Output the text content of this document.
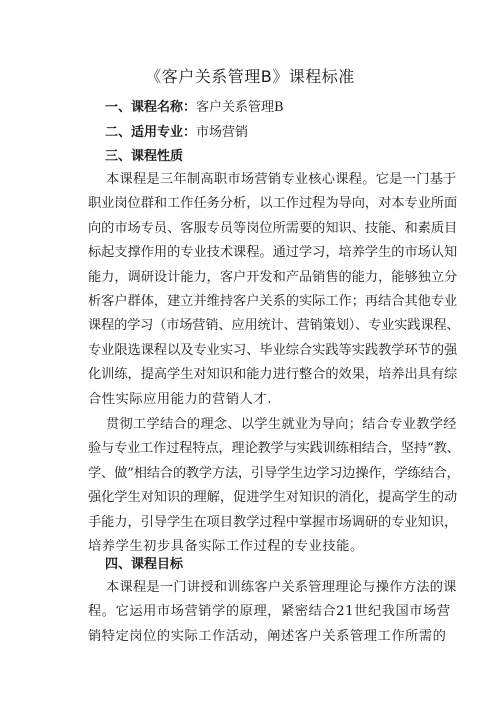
《客户关系管理B》课程标准
一、课程名称：客户关系管理B
二、适用专业：市场营销
三、课程性质
本课程是三年制高职市场营销专业核心课程。它是一门基于
职业岗位群和工作任务分析，以工作过程为导向，对本专业所面
向的市场专员、客服专员等岗位所需要的知识、技能、和素质目
标起支撑作用的专业技术课程。通过学习，培养学生的市场认知
能力，调研设计能力，客户开发和产品销售的能力，能够独立分
析客户群体，建立并维持客户关系的实际工作；再结合其他专业
课程的学习（市场营销、应用统计、营销策划）、专业实践课程、
专业限选课程以及专业实习、毕业综合实践等实践教学环节的强
化训练，提高学生对知识和能力进行整合的效果，培养出具有综
合性实际应用能力的营销人才.
贯彻工学结合的理念、以学生就业为导向；结合专业教学经
验与专业工作过程特点，理论教学与实践训练相结合，坚持“教、
学、做”相结合的教学方法，引导学生边学习边操作，学练结合，
强化学生对知识的理解，促进学生对知识的消化，提高学生的动
手能力，引导学生在项目教学过程中掌握市场调研的专业知识，
培养学生初步具备实际工作过程的专业技能。
四、课程目标
本课程是一门讲授和训练客户关系管理理论与操作方法的课
程。它运用市场营销学的原理，紧密结合21世纪我国市场营
销特定岗位的实际工作活动，阐述客户关系管理工作所需的
